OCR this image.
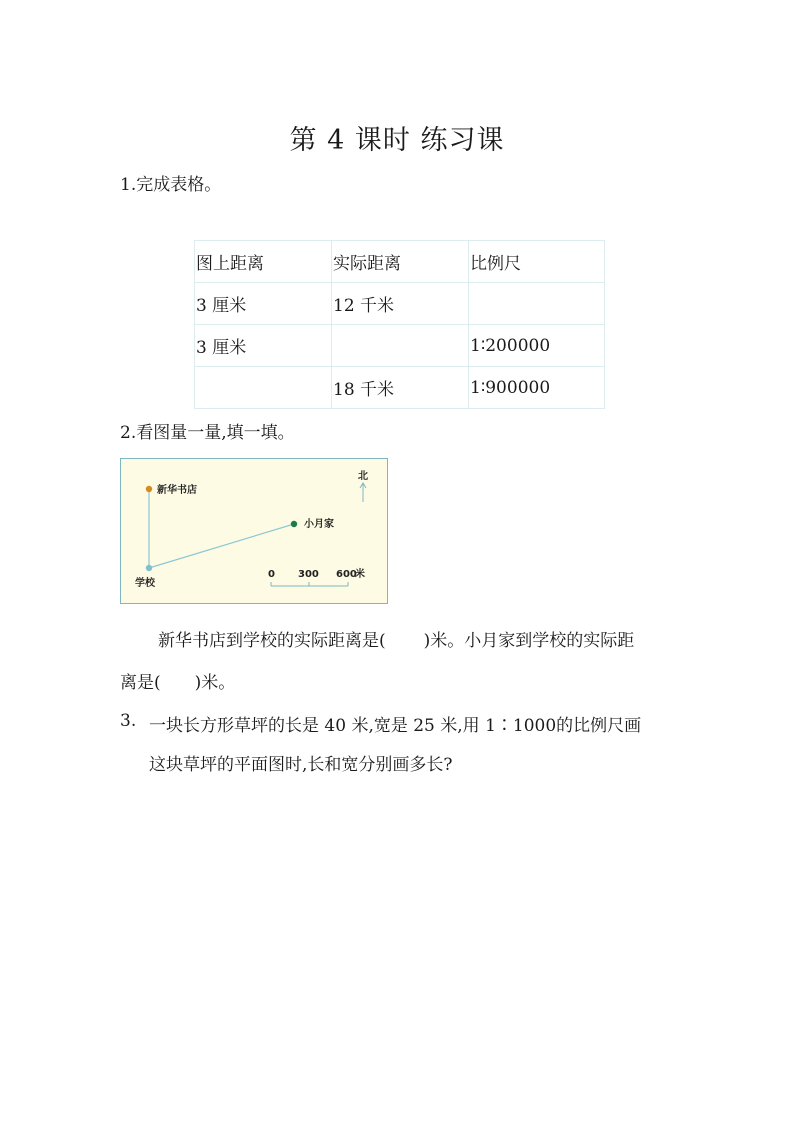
第 4 课时 练习课
1.完成表格。
图上距离	实际距离	比例尺
3 厘米	12 千米	
3 厘米		1∶200000
	18 千米	1∶900000
2.看图量一量,填一填。
新华书店
小月家
学校
北
0 300 600
米
新华书店到学校的实际距离是( )米。小月家到学校的实际距
离是( )米。
3. 一块长方形草坪的长是 40 米,宽是 25 米,用 1∶1000的比例尺画
这块草坪的平面图时,长和宽分别画多长?
